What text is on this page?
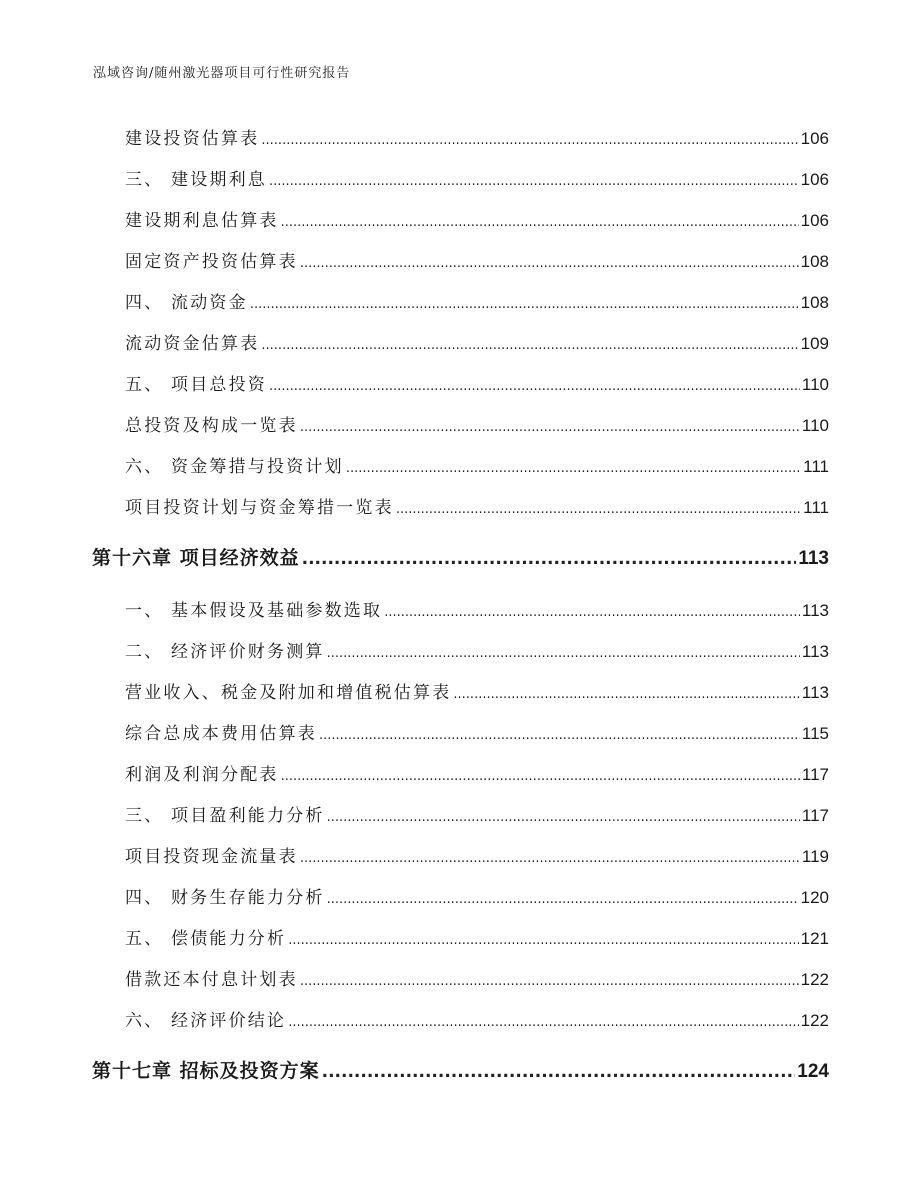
泓域咨询/随州激光器项目可行性研究报告
建设投资估算表 .....	106
三、 建设期利息 .....	106
建设期利息估算表 .....	106
固定资产投资估算表 .....	108
四、 流动资金 .....	108
流动资金估算表 .....	109
五、 项目总投资 .....	110
总投资及构成一览表 .....	110
六、 资金筹措与投资计划 .....	111
项目投资计划与资金筹措一览表 .....	111
第十六章 项目经济效益 .....	113
一、 基本假设及基础参数选取 .....	113
二、 经济评价财务测算 .....	113
营业收入、税金及附加和增值税估算表 .....	113
综合总成本费用估算表 .....	115
利润及利润分配表 .....	117
三、 项目盈利能力分析 .....	117
项目投资现金流量表 .....	119
四、 财务生存能力分析 .....	120
五、 偿债能力分析 .....	121
借款还本付息计划表 .....	122
六、 经济评价结论 .....	122
第十七章 招标及投资方案 .....	124
